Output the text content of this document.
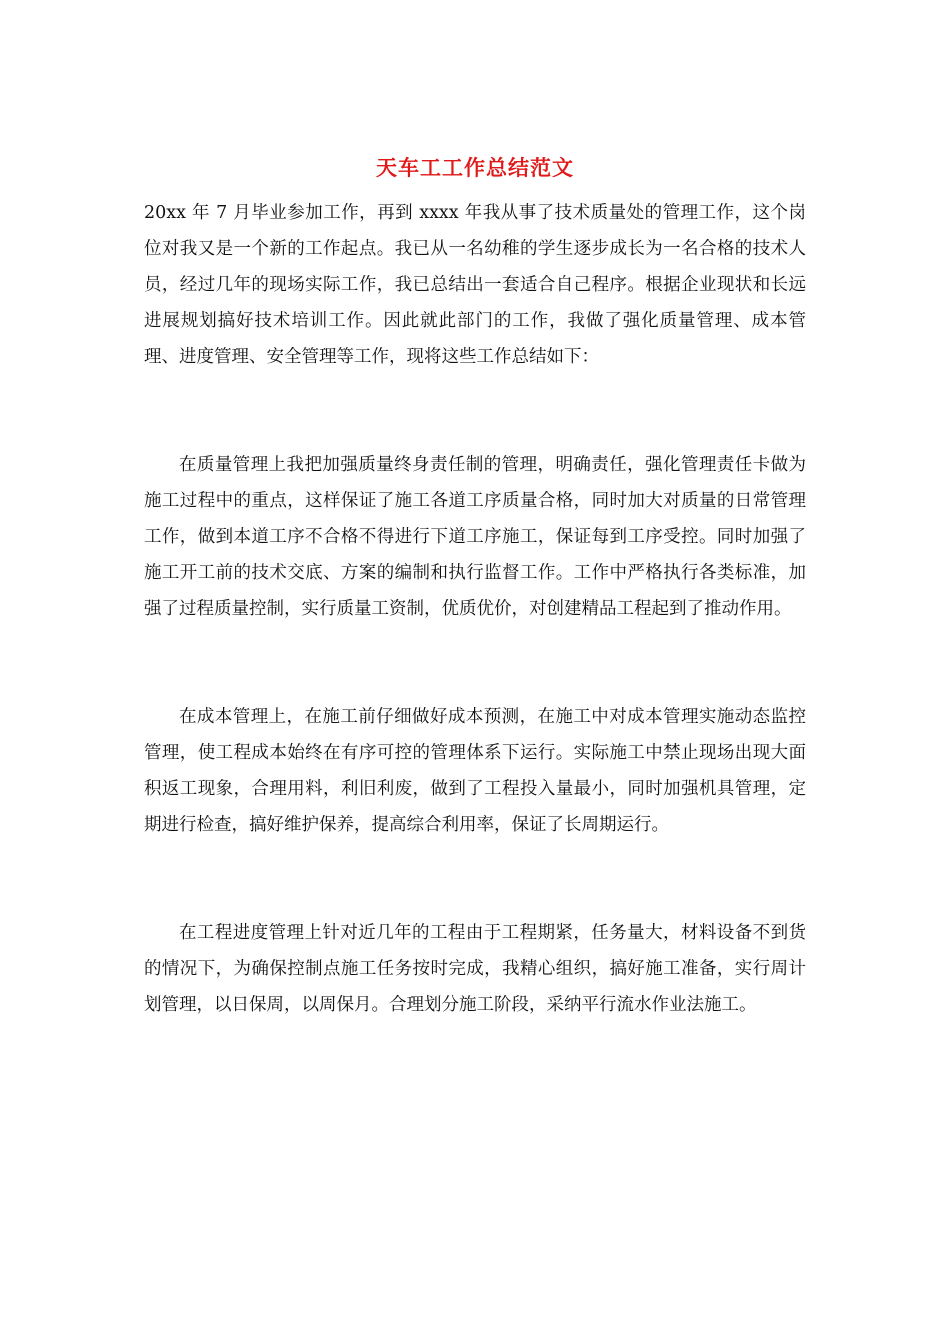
天车工工作总结范文

20xx 年 7 月毕业参加工作，再到 xxxx 年我从事了技术质量处的管理工作，这个岗位对我又是一个新的工作起点。我已从一名幼稚的学生逐步成长为一名合格的技术人员，经过几年的现场实际工作，我已总结出一套适合自己程序。根据企业现状和长远进展规划搞好技术培训工作。因此就此部门的工作，我做了强化质量管理、成本管理、进度管理、安全管理等工作，现将这些工作总结如下：

在质量管理上我把加强质量终身责任制的管理，明确责任，强化管理责任卡做为施工过程中的重点，这样保证了施工各道工序质量合格，同时加大对质量的日常管理工作，做到本道工序不合格不得进行下道工序施工，保证每到工序受控。同时加强了施工开工前的技术交底、方案的编制和执行监督工作。工作中严格执行各类标准，加强了过程质量控制，实行质量工资制，优质优价，对创建精品工程起到了推动作用。

在成本管理上，在施工前仔细做好成本预测，在施工中对成本管理实施动态监控管理，使工程成本始终在有序可控的管理体系下运行。实际施工中禁止现场出现大面积返工现象，合理用料，利旧利废，做到了工程投入量最小，同时加强机具管理，定期进行检查，搞好维护保养，提高综合利用率，保证了长周期运行。

在工程进度管理上针对近几年的工程由于工程期紧，任务量大，材料设备不到货的情况下，为确保控制点施工任务按时完成，我精心组织，搞好施工准备，实行周计划管理，以日保周，以周保月。合理划分施工阶段，采纳平行流水作业法施工。
